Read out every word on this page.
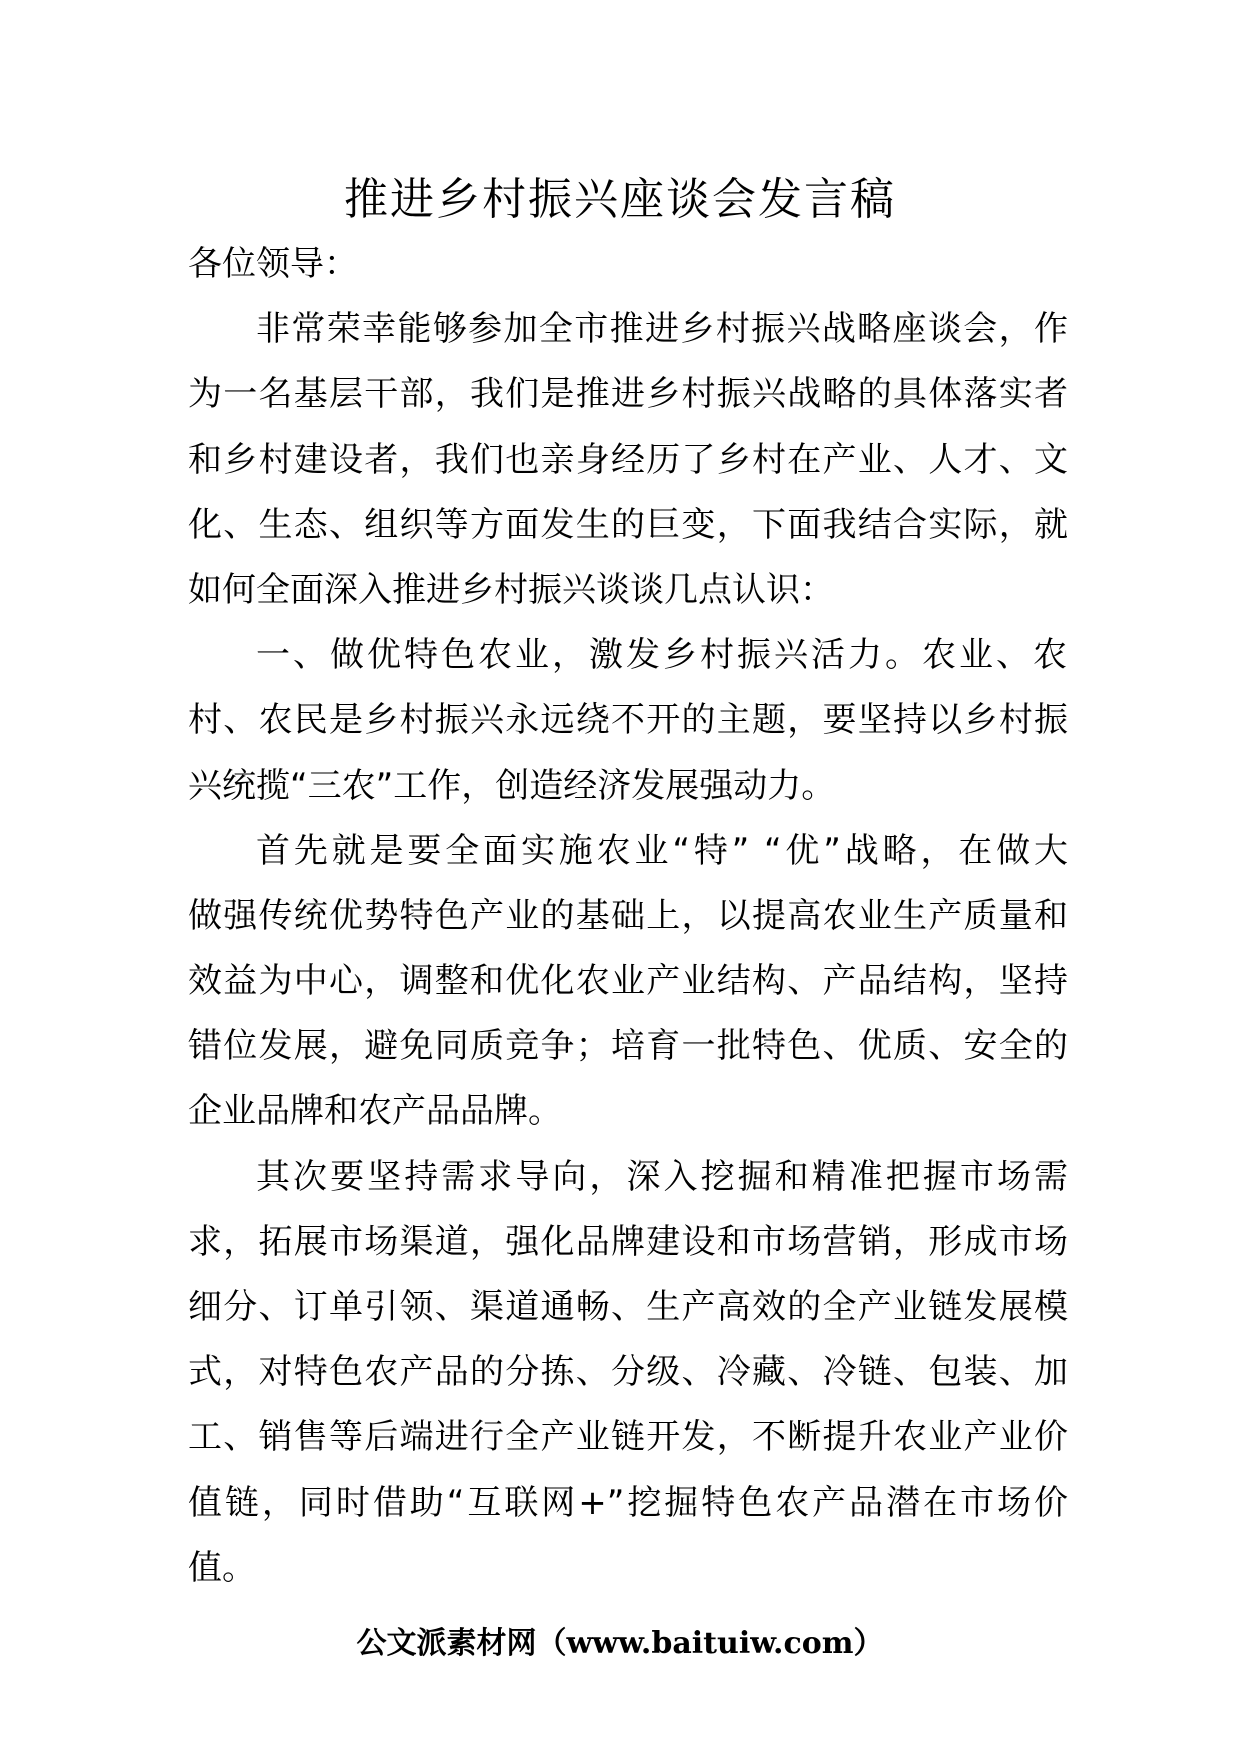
推进乡村振兴座谈会发言稿
各位领导：
非常荣幸能够参加全市推进乡村振兴战略座谈会，作
为一名基层干部，我们是推进乡村振兴战略的具体落实者
和乡村建设者，我们也亲身经历了乡村在产业、人才、文
化、生态、组织等方面发生的巨变，下面我结合实际，就
如何全面深入推进乡村振兴谈谈几点认识：
一、做优特色农业，激发乡村振兴活力。农业、农
村、农民是乡村振兴永远绕不开的主题，要坚持以乡村振
兴统揽“三农”工作，创造经济发展强动力。
首先就是要全面实施农业“特” “优”战略，在做大
做强传统优势特色产业的基础上，以提高农业生产质量和
效益为中心，调整和优化农业产业结构、产品结构，坚持
错位发展，避免同质竞争；培育一批特色、优质、安全的
企业品牌和农产品品牌。
其次要坚持需求导向，深入挖掘和精准把握市场需
求，拓展市场渠道，强化品牌建设和市场营销，形成市场
细分、订单引领、渠道通畅、生产高效的全产业链发展模
式，对特色农产品的分拣、分级、冷藏、冷链、包装、加
工、销售等后端进行全产业链开发，不断提升农业产业价
值链，同时借助“互联网+”挖掘特色农产品潜在市场价
值。
公文派素材网（www.baituiw.com）
